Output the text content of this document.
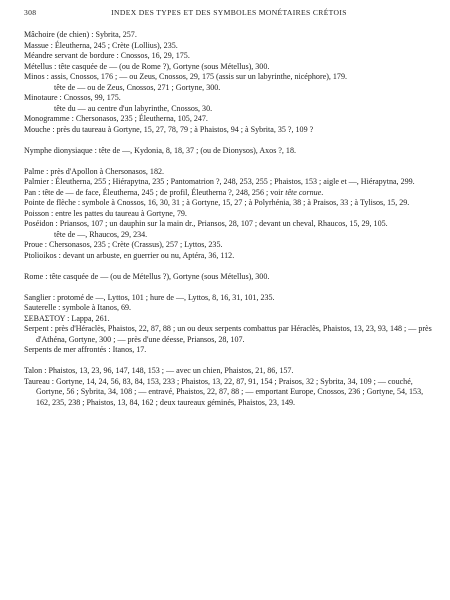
308	INDEX DES TYPES ET DES SYMBOLES MONÉTAIRES CRÉTOIS

Mâchoire (de chien) : Sybrita, 257.

Massue : Éleutherna, 245 ; Crète (Lollius), 235.

Méandre servant de bordure : Cnossos, 16, 29, 175.

Métellus : tête casquée de — (ou de Rome ?), Gortyne (sous Métellus), 300.

Minos : assis, Cnossos, 176 ; — ou Zeus, Cnossos, 29, 175 (assis sur un labyrinthe, nicéphore), 179.

tête de — ou de Zeus, Cnossos, 271 ; Gortyne, 300.

Minotaure : Cnossos, 99, 175.

tête du — au centre d'un labyrinthe, Cnossos, 30.

Monogramme : Chersonasos, 235 ; Éleutherna, 105, 247.

Mouche : près du taureau à Gortyne, 15, 27, 78, 79 ; à Phaistos, 94 ; à Sybrita, 35 ?, 109 ?

Nymphe dionysiaque : tête de —, Kydonia, 8, 18, 37 ; (ou de Dionysos), Axos ?, 18.

Palme : près d'Apollon à Chersonasos, 182.

Palmier : Éleutherna, 255 ; Hiérapytna, 235 ; Pantomatrion ?, 248, 253, 255 ; Phaistos, 153 ; aigle et —, Hiérapytna, 299.

Pan : tête de — de face, Éleutherna, 245 ; de profil, Éleutherna ?, 248, 256 ; voir tête cornue.

Pointe de flèche : symbole à Cnossos, 16, 30, 31 ; à Gortyne, 15, 27 ; à Polyrhénia, 38 ; à Praisos, 33 ; à Tylisos, 15, 29.

Poisson : entre les pattes du taureau à Gortyne, 79.

Poséidon : Priansos, 107 ; un dauphin sur la main dr., Priansos, 28, 107 ; devant un cheval, Rhaucos, 15, 29, 105.

tête de —, Rhaucos, 29, 234.

Proue : Chersonasos, 235 ; Crète (Crassus), 257 ; Lyttos, 235.

Ptolioikos : devant un arbuste, en guerrier ou nu, Aptéra, 36, 112.

Rome : tête casquée de — (ou de Métellus ?), Gortyne (sous Métellus), 300.

Sanglier : protomé de —, Lyttos, 101 ; hure de —, Lyttos, 8, 16, 31, 101, 235.

Sauterelle : symbole à Itanos, 69.

ΣΕΒΑΣΤΟΥ : Lappa, 261.

Serpent : près d'Héraclès, Phaistos, 22, 87, 88 ; un ou deux serpents combattus par Héraclès, Phaistos, 13, 23, 93, 148 ; — près d'Athéna, Gortyne, 300 ; — près d'une déesse, Priansos, 28, 107.

Serpents de mer affrontés : Itanos, 17.

Talon : Phaistos, 13, 23, 96, 147, 148, 153 ; — avec un chien, Phaistos, 21, 86, 157.

Taureau : Gortyne, 14, 24, 56, 83, 84, 153, 233 ; Phaistos, 13, 22, 87, 91, 154 ; Praisos, 32 ; Sybrita, 34, 109 ; — couché, Gortyne, 56 ; Sybrita, 34, 108 ; — entravé, Phaistos, 22, 87, 88 ; — emportant Europe, Cnossos, 236 ; Gortyne, 54, 153, 162, 235, 238 ; Phaistos, 13, 84, 162 ; deux taureaux géminés, Phaistos, 23, 149.
